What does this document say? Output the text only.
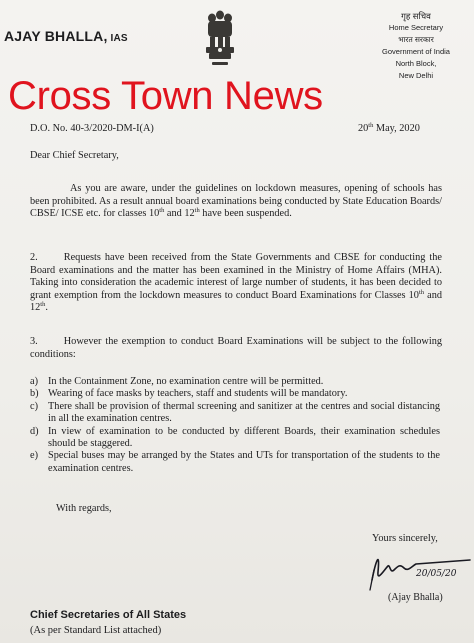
AJAY BHALLA, IAS
गृह सचिव
Home Secretary
भारत सरकार
Government of India
North Block,
New Delhi
Cross Town News
D.O. No. 40-3/2020-DM-I(A)	20th May, 2020
Dear Chief Secretary,

As you are aware, under the guidelines on lockdown measures, opening of schools has been prohibited. As a result annual board examinations being conducted by State Education Boards/ CBSE/ ICSE etc. for classes 10th and 12th have been suspended.

2.	Requests have been received from the State Governments and CBSE for conducting the Board examinations and the matter has been examined in the Ministry of Home Affairs (MHA). Taking into consideration the academic interest of large number of students, it has been decided to grant exemption from the lockdown measures to conduct Board Examinations for Classes 10th and 12th.

3.	However the exemption to conduct Board Examinations will be subject to the following conditions:

a) In the Containment Zone, no examination centre will be permitted.
b) Wearing of face masks by teachers, staff and students will be mandatory.
c) There shall be provision of thermal screening and sanitizer at the centres and social distancing in all the examination centres.
d) In view of examination to be conducted by different Boards, their examination schedules should be staggered.
e) Special buses may be arranged by the States and UTs for transportation of the students to the examination centres.
With regards,
Yours sincerely,
20/05/20
(Ajay Bhalla)
Chief Secretaries of All States
(As per Standard List attached)
